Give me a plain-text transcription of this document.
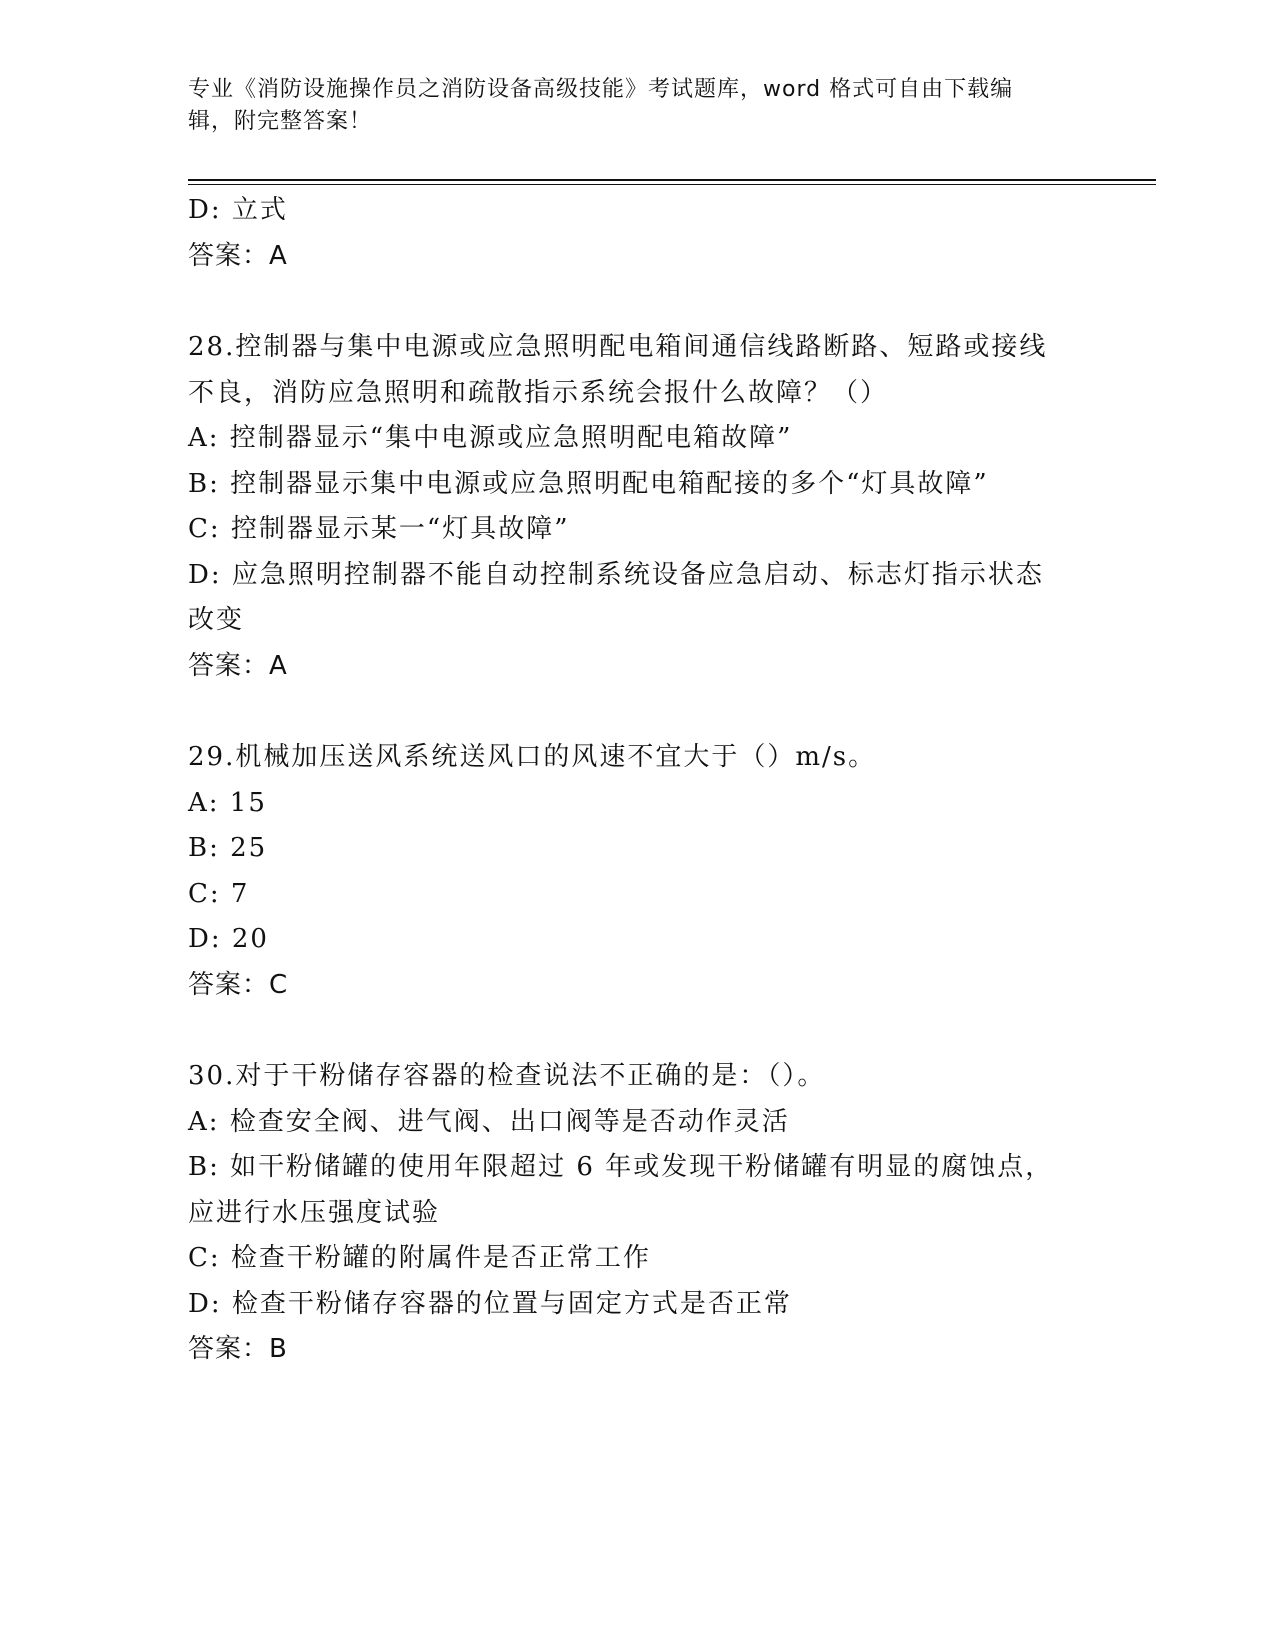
专业《消防设施操作员之消防设备高级技能》考试题库，word 格式可自由下载编
辑，附完整答案！

D: 立式

答案：A

28.控制器与集中电源或应急照明配电箱间通信线路断路、短路或接线

不良，消防应急照明和疏散指示系统会报什么故障？（）

A: 控制器显示“集中电源或应急照明配电箱故障”

B: 控制器显示集中电源或应急照明配电箱配接的多个“灯具故障”

C: 控制器显示某一“灯具故障”

D: 应急照明控制器不能自动控制系统设备应急启动、标志灯指示状态

改变

答案：A

29.机械加压送风系统送风口的风速不宜大于（）m/s。

A: 15

B: 25

C: 7

D: 20

答案：C

30.对于干粉储存容器的检查说法不正确的是：（）。

A: 检查安全阀、进气阀、出口阀等是否动作灵活

B: 如干粉储罐的使用年限超过 6 年或发现干粉储罐有明显的腐蚀点，

应进行水压强度试验

C: 检查干粉罐的附属件是否正常工作

D: 检查干粉储存容器的位置与固定方式是否正常

答案：B
